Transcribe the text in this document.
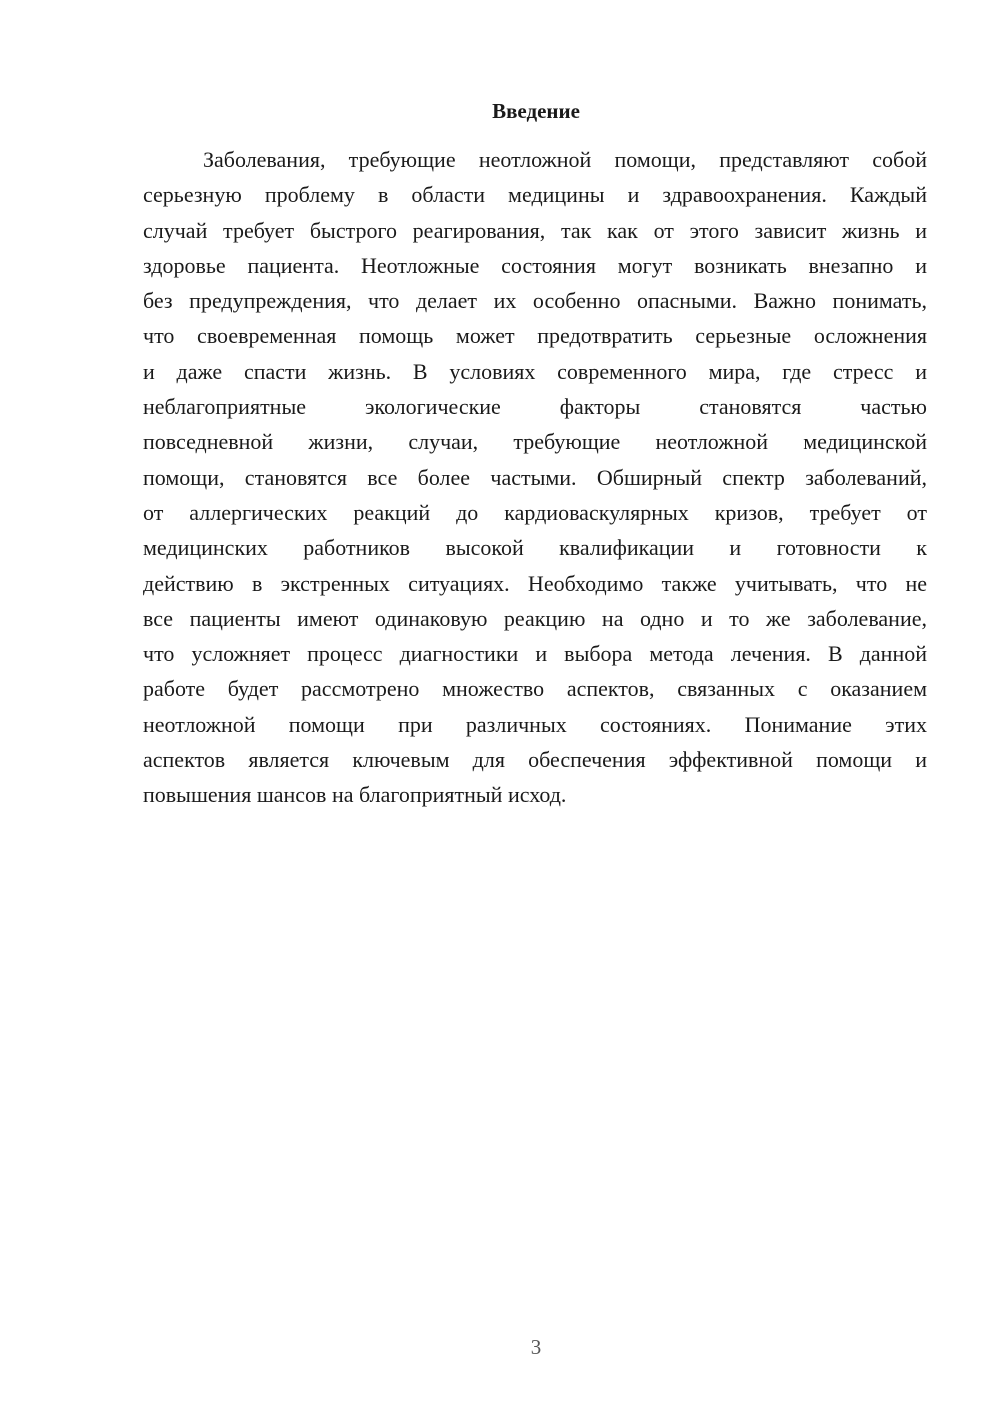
Введение
Заболевания, требующие неотложной помощи, представляют собой
серьезную проблему в области медицины и здравоохранения. Каждый
случай требует быстрого реагирования, так как от этого зависит жизнь и
здоровье пациента. Неотложные состояния могут возникать внезапно и
без предупреждения, что делает их особенно опасными. Важно понимать,
что своевременная помощь может предотвратить серьезные осложнения
и даже спасти жизнь. В условиях современного мира, где стресс и
неблагоприятные экологические факторы становятся частью
повседневной жизни, случаи, требующие неотложной медицинской
помощи, становятся все более частыми. Обширный спектр заболеваний,
от аллергических реакций до кардиоваскулярных кризов, требует от
медицинских работников высокой квалификации и готовности к
действию в экстренных ситуациях. Необходимо также учитывать, что не
все пациенты имеют одинаковую реакцию на одно и то же заболевание,
что усложняет процесс диагностики и выбора метода лечения. В данной
работе будет рассмотрено множество аспектов, связанных с оказанием
неотложной помощи при различных состояниях. Понимание этих
аспектов является ключевым для обеспечения эффективной помощи и
повышения шансов на благоприятный исход.
3
